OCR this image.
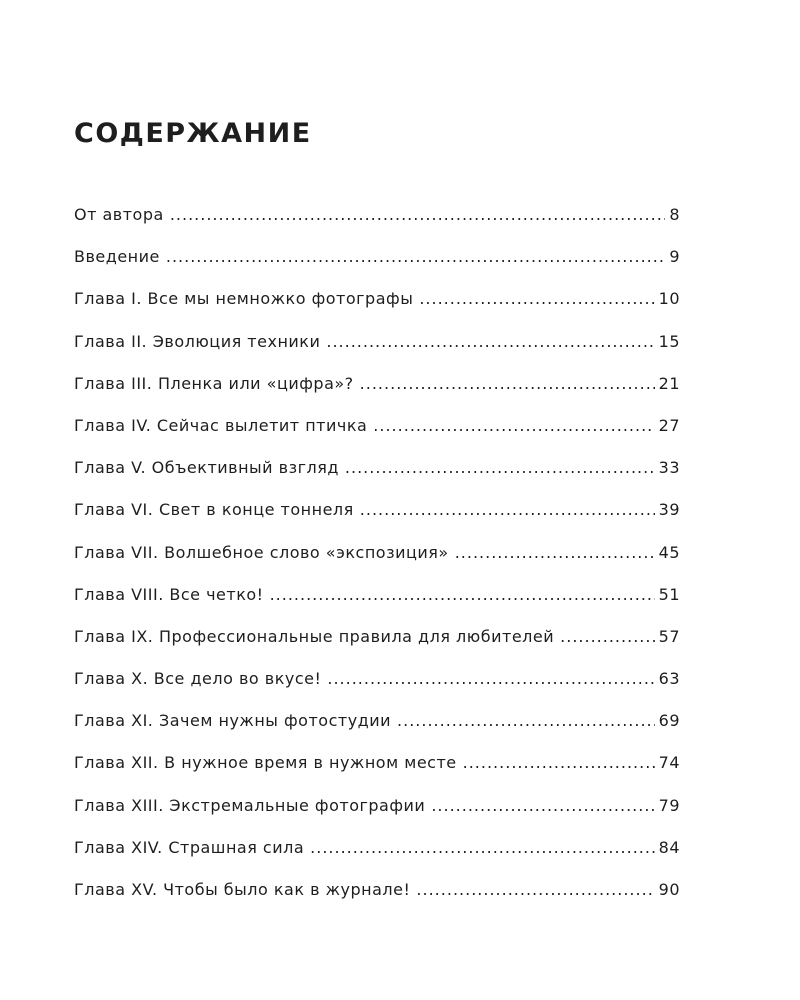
СОДЕРЖАНИЕ
От автора .....	8
Введение .....	9
Глава I. Все мы немножко фотографы .....	10
Глава II. Эволюция техники .....	15
Глава III. Пленка или «цифра»? .....	21
Глава IV. Сейчас вылетит птичка .....	27
Глава V. Объективный взгляд .....	33
Глава VI. Свет в конце тоннеля .....	39
Глава VII. Волшебное слово «экспозиция» .....	45
Глава VIII. Все четко! .....	51
Глава IX. Профессиональные правила для любителей .....	57
Глава X. Все дело во вкусе! .....	63
Глава XI. Зачем нужны фотостудии .....	69
Глава XII. В нужное время в нужном месте .....	74
Глава XIII. Экстремальные фотографии .....	79
Глава XIV. Страшная сила .....	84
Глава XV. Чтобы было как в журнале! .....	90
